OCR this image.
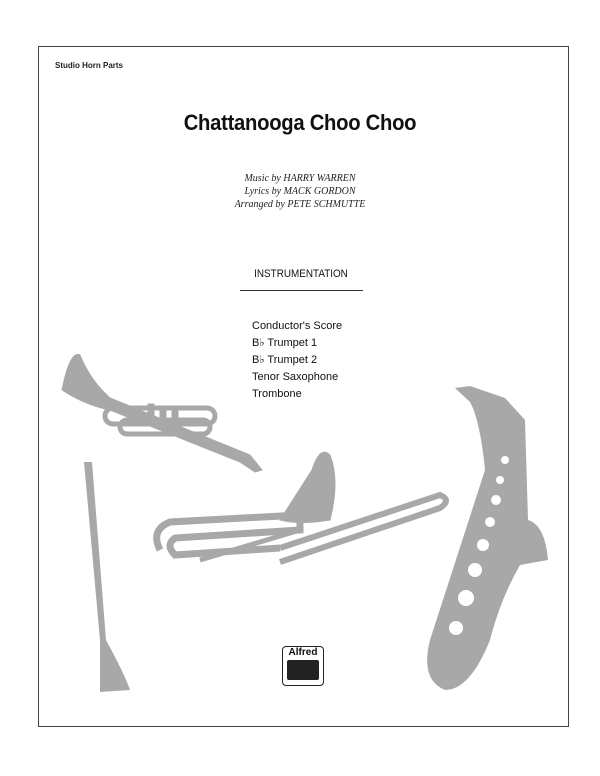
Studio Horn Parts
Chattanooga Choo Choo
Music by HARRY WARREN
Lyrics by MACK GORDON
Arranged by PETE SCHMUTTE
INSTRUMENTATION
Conductor's Score
B♭ Trumpet 1
B♭ Trumpet 2
Tenor Saxophone
Trombone
Alfred
